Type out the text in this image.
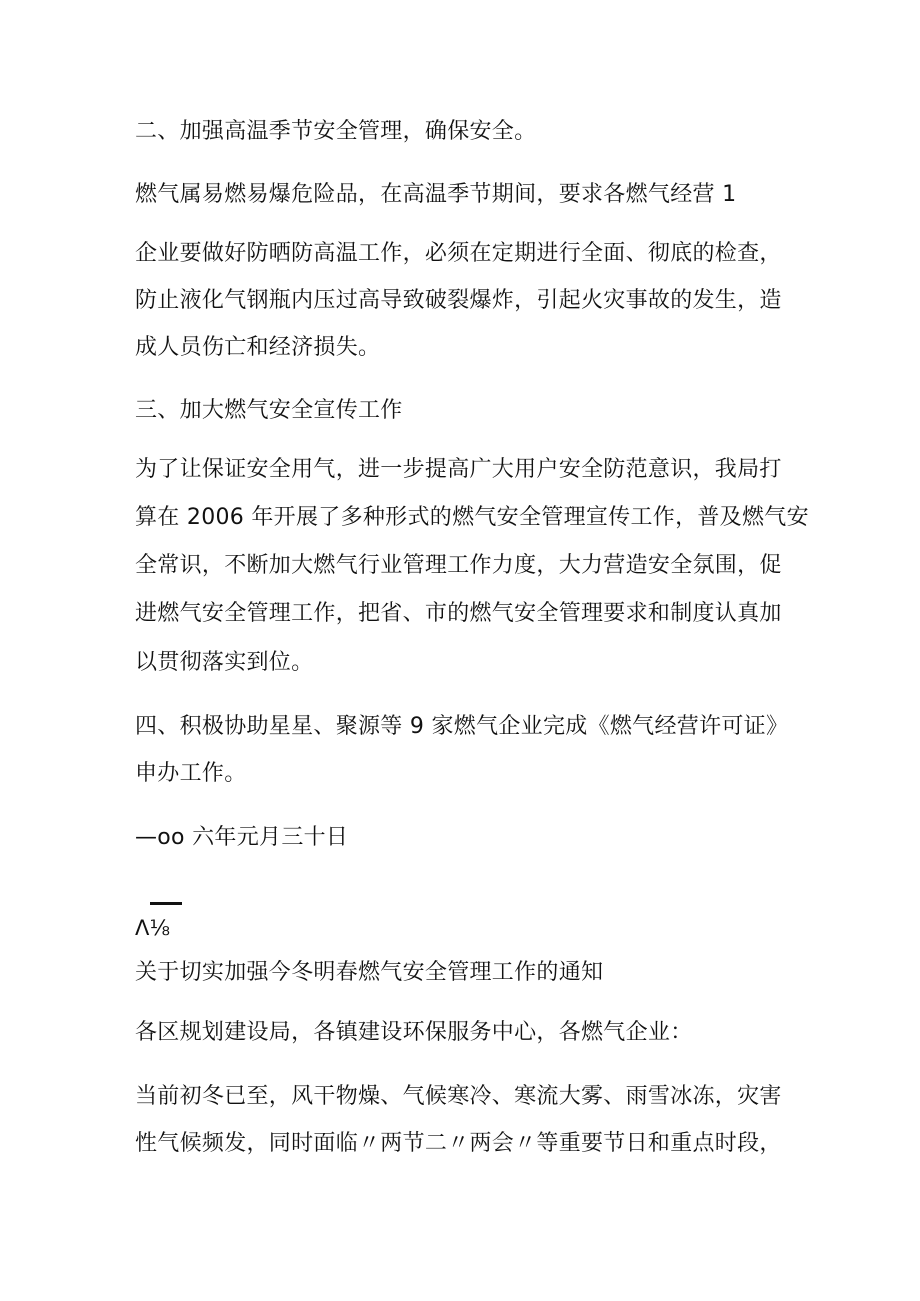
二、加强高温季节安全管理，确保安全。
燃气属易燃易爆危险品，在高温季节期间，要求各燃气经营 1
企业要做好防晒防高温工作，必须在定期进行全面、彻底的检查，
防止液化气钢瓶内压过高导致破裂爆炸，引起火灾事故的发生，造
成人员伤亡和经济损失。
三、加大燃气安全宣传工作
为了让保证安全用气，进一步提高广大用户安全防范意识，我局打
算在 2006 年开展了多种形式的燃气安全管理宣传工作，普及燃气安
全常识，不断加大燃气行业管理工作力度，大力营造安全氛围，促
进燃气安全管理工作，把省、市的燃气安全管理要求和制度认真加
以贯彻落实到位。
四、积极协助星星、聚源等 9 家燃气企业完成《燃气经营许可证》
申办工作。
—oo 六年元月三十日
Λ⅛
关于切实加强今冬明春燃气安全管理工作的通知
各区规划建设局，各镇建设环保服务中心，各燃气企业：
当前初冬已至，风干物燥、气候寒冷、寒流大雾、雨雪冰冻，灾害
性气候频发，同时面临〃两节二〃两会〃等重要节日和重点时段，
